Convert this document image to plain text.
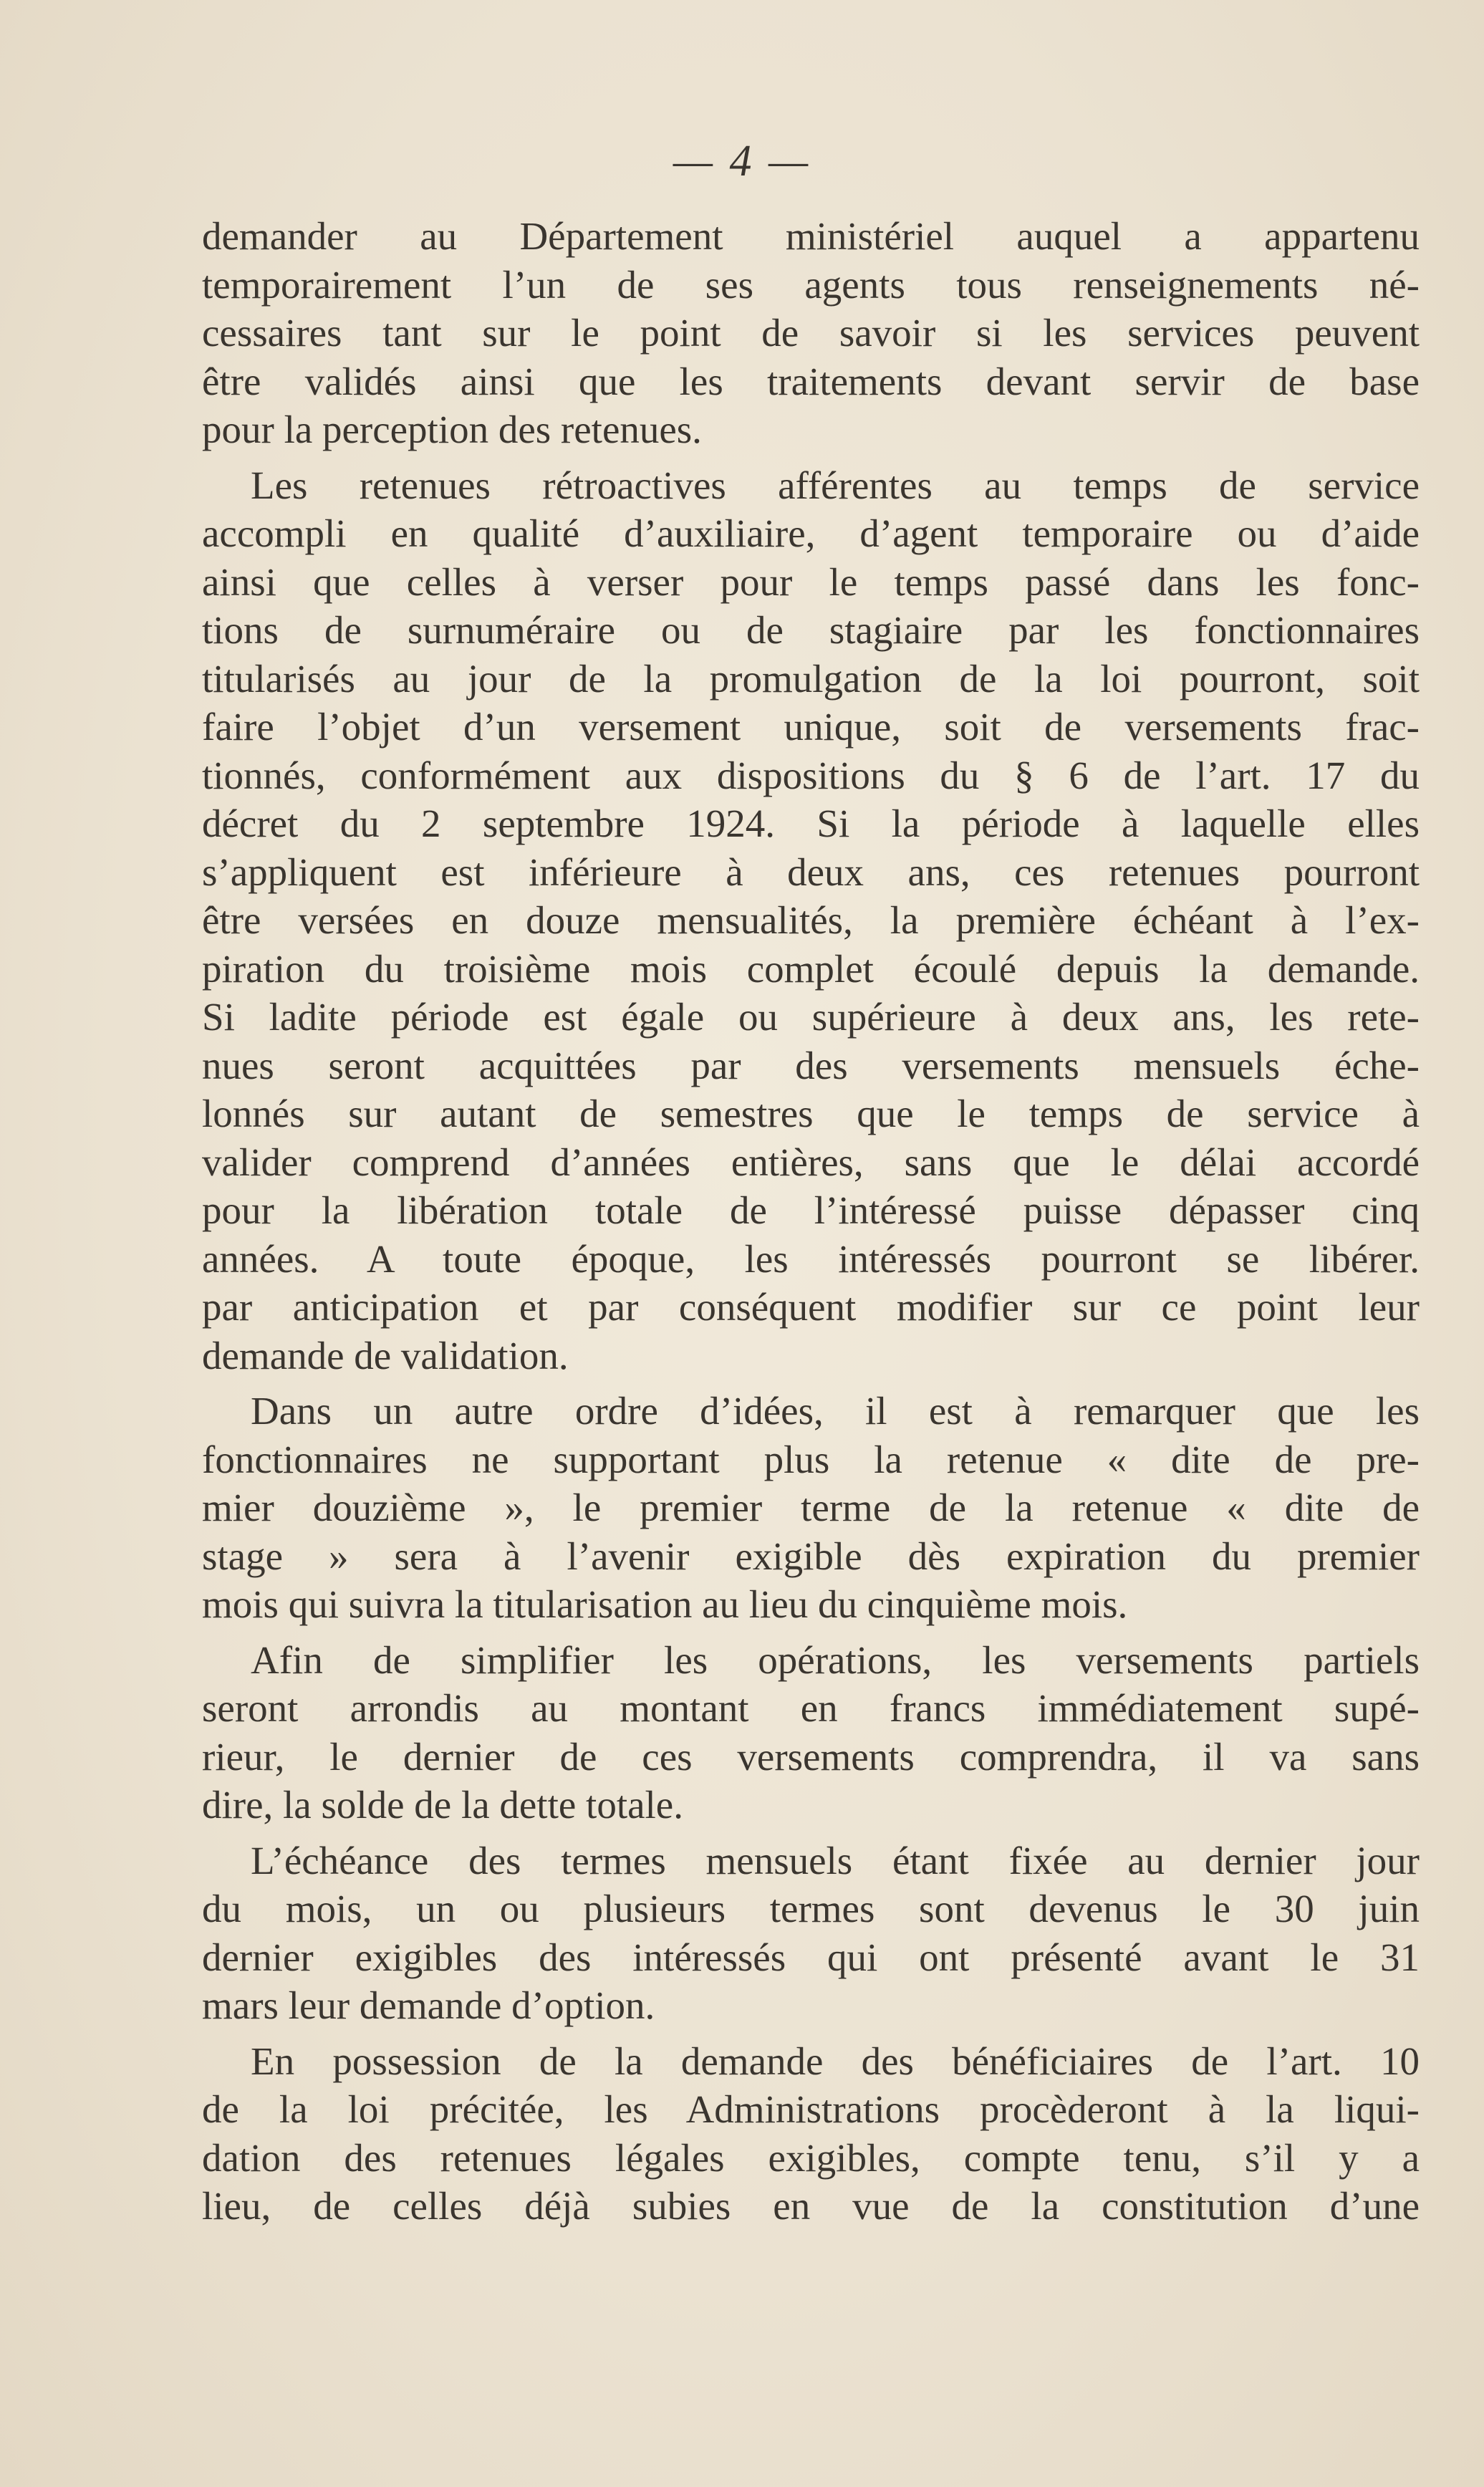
— 4 —
demander au Département ministériel auquel a appartenu
temporairement l’un de ses agents tous renseignements né-
cessaires tant sur le point de savoir si les services peuvent
être validés ainsi que les traitements devant servir de base
pour la perception des retenues.
Les retenues rétroactives afférentes au temps de service
accompli en qualité d’auxiliaire, d’agent temporaire ou d’aide
ainsi que celles à verser pour le temps passé dans les fonc-
tions de surnuméraire ou de stagiaire par les fonctionnaires
titularisés au jour de la promulgation de la loi pourront, soit
faire l’objet d’un versement unique, soit de versements frac-
tionnés, conformément aux dispositions du § 6 de l’art. 17 du
décret du 2 septembre 1924. Si la période à laquelle elles
s’appliquent est inférieure à deux ans, ces retenues pourront
être versées en douze mensualités, la première échéant à l’ex-
piration du troisième mois complet écoulé depuis la demande.
Si ladite période est égale ou supérieure à deux ans, les rete-
nues seront acquittées par des versements mensuels éche-
lonnés sur autant de semestres que le temps de service à
valider comprend d’années entières, sans que le délai accordé
pour la libération totale de l’intéressé puisse dépasser cinq
années. A toute époque, les intéressés pourront se libérer.
par anticipation et par conséquent modifier sur ce point leur
demande de validation.
Dans un autre ordre d’idées, il est à remarquer que les
fonctionnaires ne supportant plus la retenue « dite de pre-
mier douzième », le premier terme de la retenue « dite de
stage » sera à l’avenir exigible dès expiration du premier
mois qui suivra la titularisation au lieu du cinquième mois.
Afin de simplifier les opérations, les versements partiels
seront arrondis au montant en francs immédiatement supé-
rieur, le dernier de ces versements comprendra, il va sans
dire, la solde de la dette totale.
L’échéance des termes mensuels étant fixée au dernier jour
du mois, un ou plusieurs termes sont devenus le 30 juin
dernier exigibles des intéressés qui ont présenté avant le 31
mars leur demande d’option.
En possession de la demande des bénéficiaires de l’art. 10
de la loi précitée, les Administrations procèderont à la liqui-
dation des retenues légales exigibles, compte tenu, s’il y a
lieu, de celles déjà subies en vue de la constitution d’une
